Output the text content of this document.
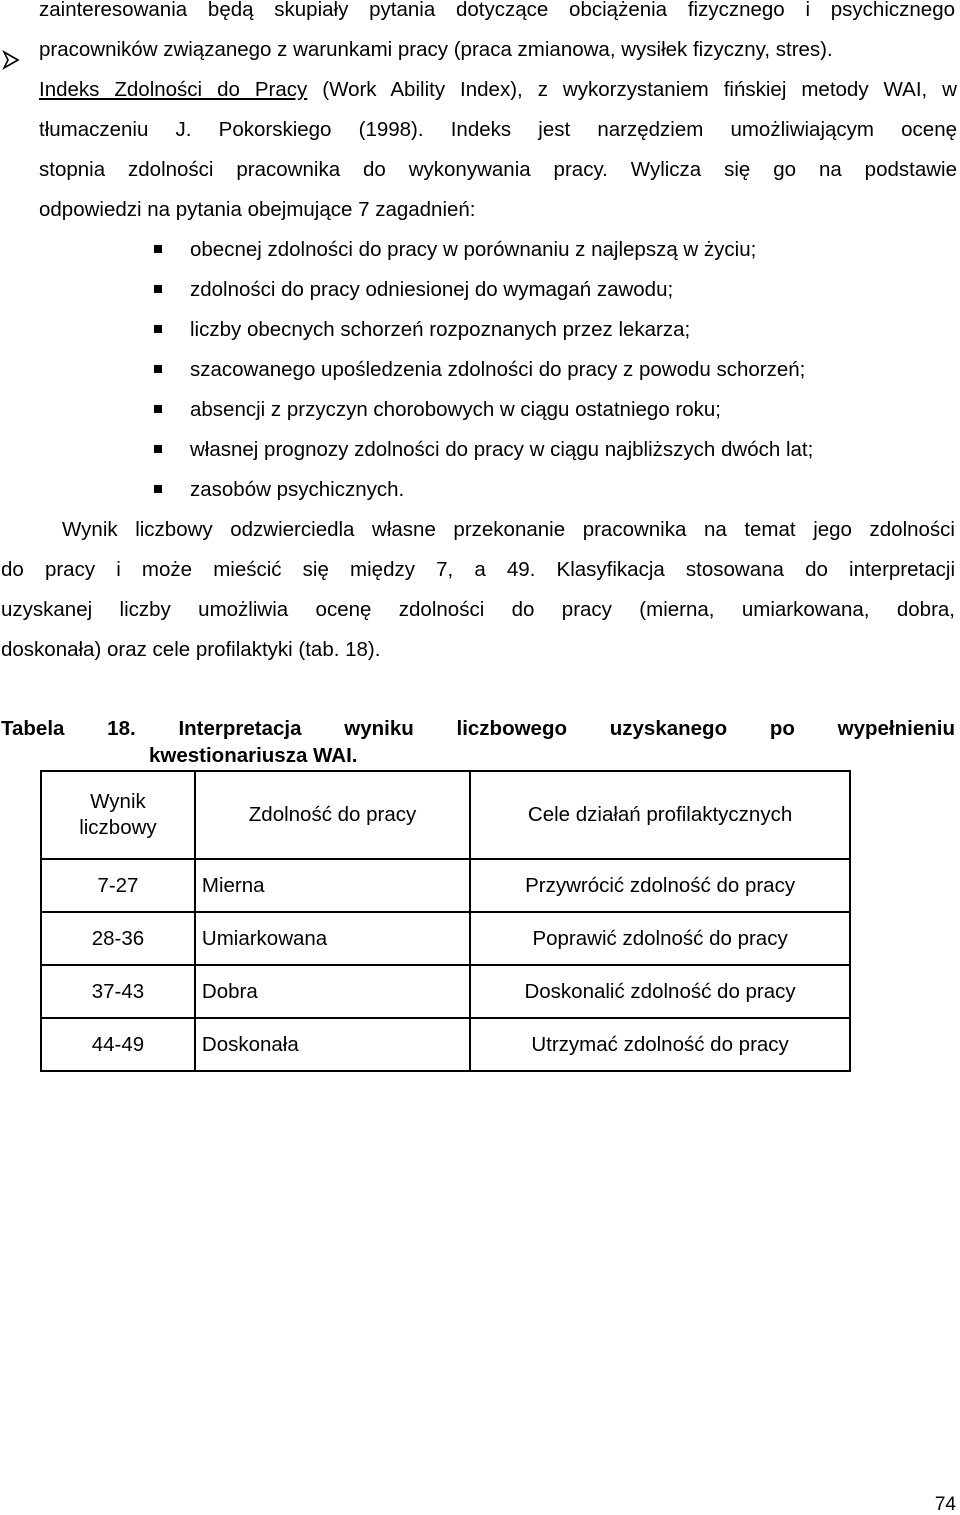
zainteresowania będą skupiały pytania dotyczące obciążenia fizycznego i psychicznego
pracowników związanego z warunkami pracy (praca zmianowa, wysiłek fizyczny, stres).
Indeks Zdolności do Pracy (Work Ability Index), z wykorzystaniem fińskiej metody WAI, w
tłumaczeniu J. Pokorskiego (1998). Indeks jest narzędziem umożliwiającym ocenę
stopnia zdolności pracownika do wykonywania pracy. Wylicza się go na podstawie
odpowiedzi na pytania obejmujące 7 zagadnień:
obecnej zdolności do pracy w porównaniu z najlepszą w życiu;
zdolności do pracy odniesionej do wymagań zawodu;
liczby obecnych schorzeń rozpoznanych przez lekarza;
szacowanego upośledzenia zdolności do pracy z powodu schorzeń;
absencji z przyczyn chorobowych w ciągu ostatniego roku;
własnej prognozy zdolności do pracy w ciągu najbliższych dwóch lat;
zasobów psychicznych.
Wynik liczbowy odzwierciedla własne przekonanie pracownika na temat jego zdolności
do pracy i może mieścić się między 7, a 49. Klasyfikacja stosowana do interpretacji
uzyskanej liczby umożliwia ocenę zdolności do pracy (mierna, umiarkowana, dobra,
doskonała) oraz cele profilaktyki (tab. 18).
Tabela 18. Interpretacja wyniku liczbowego uzyskanego po wypełnieniu
kwestionariusza WAI.
Wynik liczbowy	Zdolność do pracy	Cele działań profilaktycznych
7-27	Mierna	Przywrócić zdolność do pracy
28-36	Umiarkowana	Poprawić zdolność do pracy
37-43	Dobra	Doskonalić zdolność do pracy
44-49	Doskonała	Utrzymać zdolność do pracy
74
